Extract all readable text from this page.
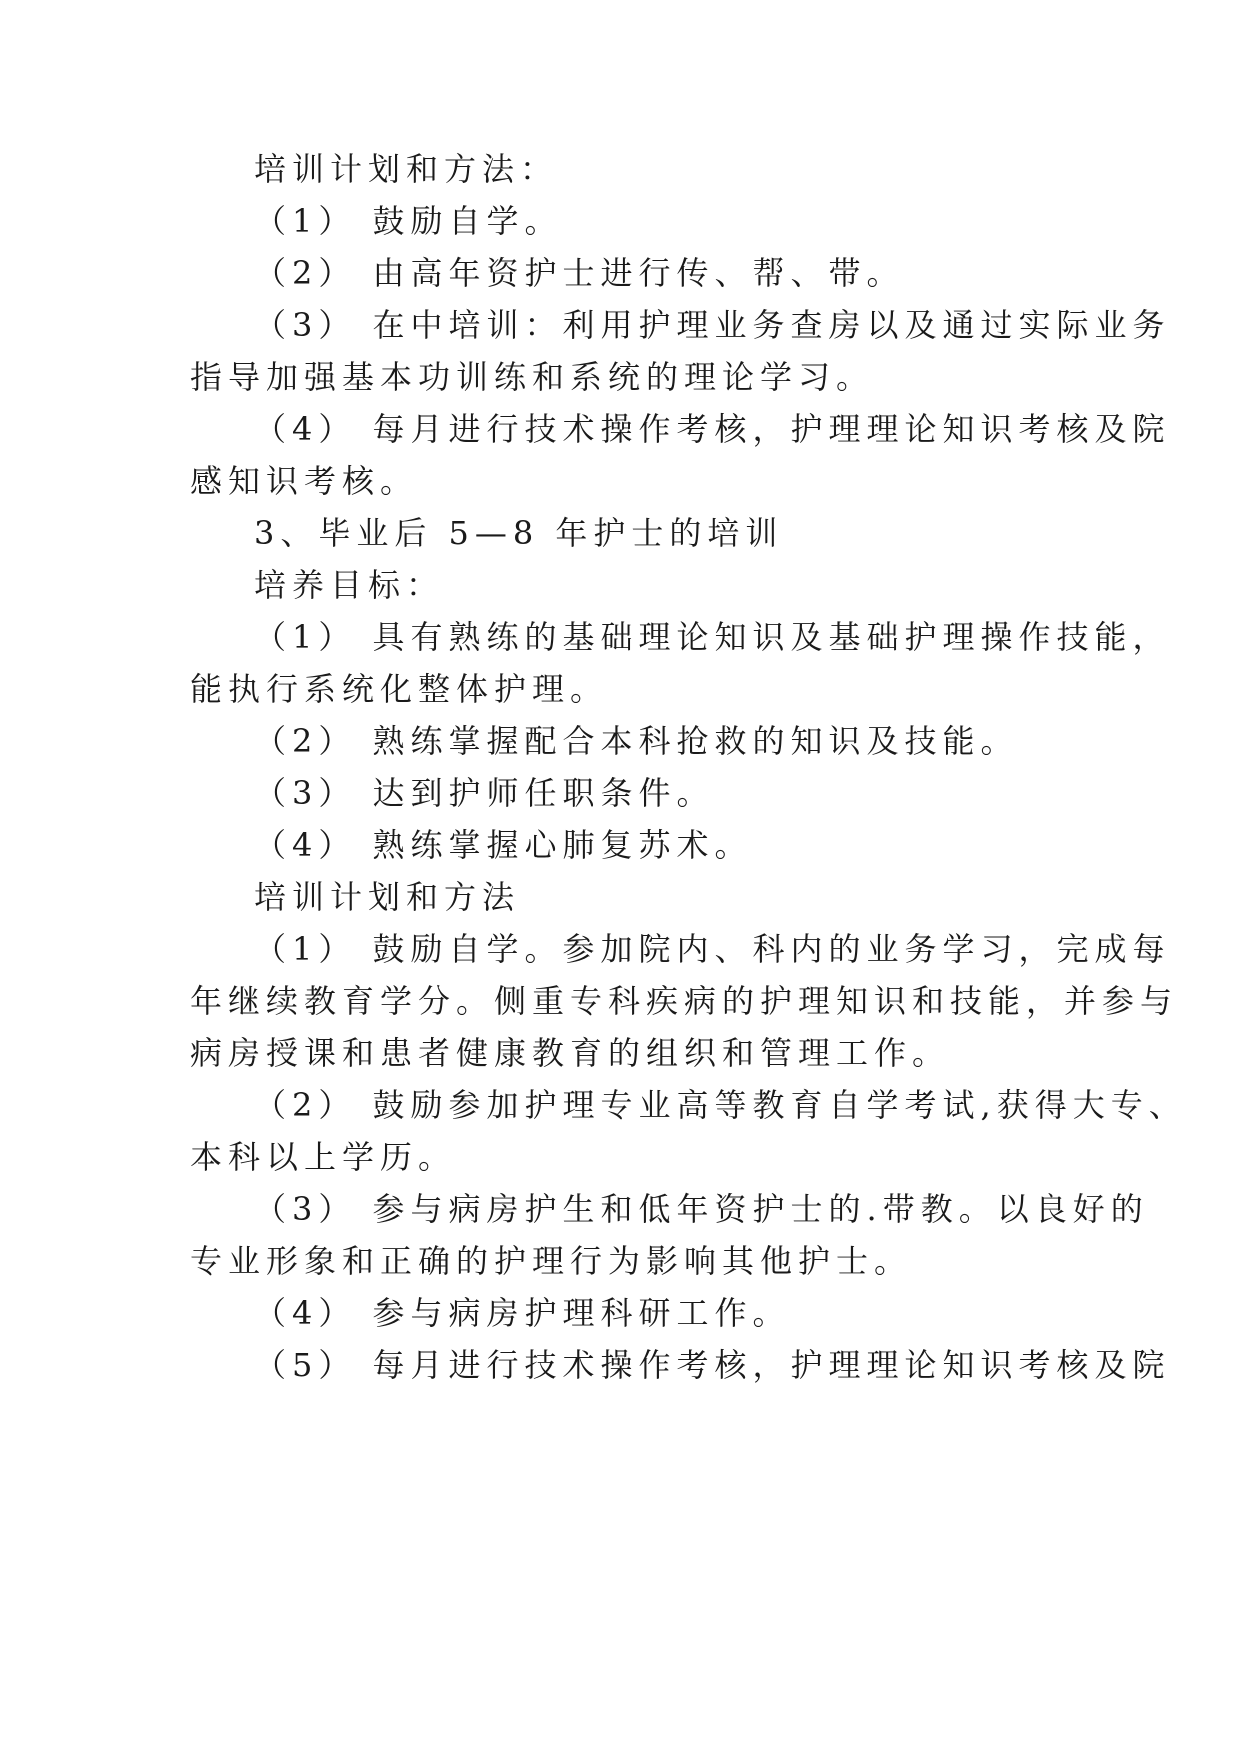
培训计划和方法：
（1） 鼓励自学。
（2） 由高年资护士进行传、帮、带。
（3） 在中培训：利用护理业务查房以及通过实际业务
指导加强基本功训练和系统的理论学习。
（4） 每月进行技术操作考核，护理理论知识考核及院
感知识考核。
3、毕业后 5—8 年护士的培训
培养目标：
（1） 具有熟练的基础理论知识及基础护理操作技能，
能执行系统化整体护理。
（2） 熟练掌握配合本科抢救的知识及技能。
（3） 达到护师任职条件。
（4） 熟练掌握心肺复苏术。
培训计划和方法
（1） 鼓励自学。参加院内、科内的业务学习，完成每
年继续教育学分。侧重专科疾病的护理知识和技能，并参与
病房授课和患者健康教育的组织和管理工作。
（2） 鼓励参加护理专业高等教育自学考试,获得大专、
本科以上学历。
（3） 参与病房护生和低年资护士的.带教。以良好的
专业形象和正确的护理行为影响其他护士。
（4） 参与病房护理科研工作。
（5） 每月进行技术操作考核，护理理论知识考核及院
